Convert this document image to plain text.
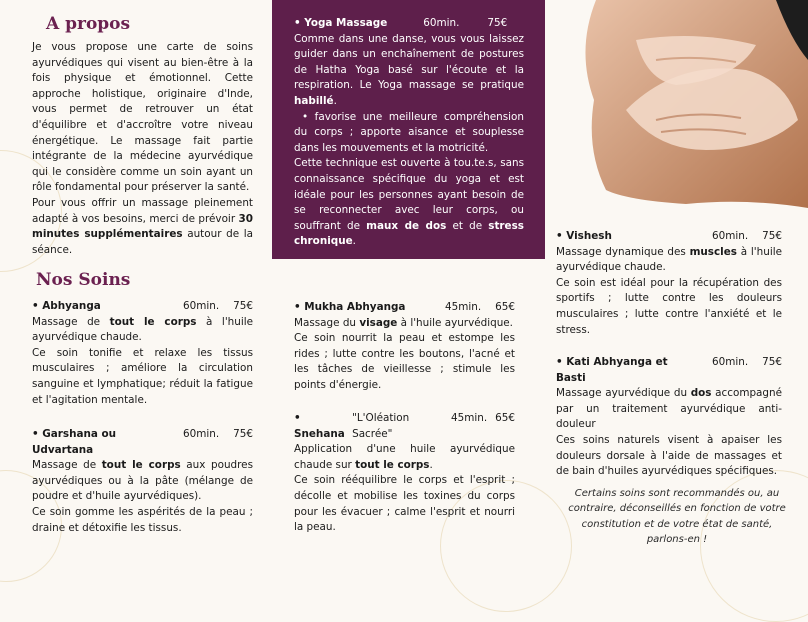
A propos

Je vous propose une carte de soins ayurvédiques qui visent au bien-être à la fois physique et émotionnel. Cette approche holistique, originaire d'Inde, vous permet de retrouver un état d'équilibre et d'accroître votre niveau énergétique. Le massage fait partie intégrante de la médecine ayurvédique qui le considère comme un soin ayant un rôle fondamental pour préserver la santé.

Pour vous offrir un massage pleinement adapté à vos besoins, merci de prévoir 30 minutes supplémentaires autour de la séance.

Nos Soins
• Abhyanga	60min. 75€

Massage de tout le corps à l'huile ayurvédique chaude.

Ce soin tonifie et relaxe les tissus musculaires ; améliore la circulation sanguine et lymphatique; réduit la fatigue et l'agitation mentale.

• Garshana ou Udvartana
60min. 75€

Massage de tout le corps aux poudres ayurvédiques ou à la pâte (mélange de poudre et d'huile ayurvédiques).

Ce soin gomme les aspérités de la peau ; draine et détoxifie les tissus.

• Yoga Massage	60min.	75€

Comme dans une danse, vous vous laissez guider dans un enchaînement de postures de Hatha Yoga basé sur l'écoute et la respiration. Le Yoga massage se pratique habillé.

• favorise une meilleure compréhension du corps ; apporte aisance et souplesse dans les mouvements et la motricité.

Cette technique est ouverte à tou.te.s, sans connaissance spécifique du yoga et est idéale pour les personnes ayant besoin de se reconnecter avec leur corps, ou souffrant de maux de dos et de stress chronique.

• Mukha Abhyanga	45min. 65€

Massage du visage à l'huile ayurvédique.

Ce soin nourrit la peau et estompe les rides ; lutte contre les boutons, l'acné et les tâches de vieillesse ; stimule les points d'énergie.

• Snehana
"L'Oléation Sacrée"
45min. 65€

Application d'une huile ayurvédique chaude sur tout le corps.

Ce soin rééquilibre le corps et l'esprit ; décolle et mobilise les toxines du corps pour les évacuer ; calme l'esprit et nourri la peau.

• Vishesh	60min. 75€

Massage dynamique des muscles à l'huile ayurvédique chaude.

Ce soin est idéal pour la récupération des sportifs ; lutte contre les douleurs musculaires ; lutte contre l'anxiété et le stress.

• Kati Abhyanga et Basti
60min. 75€

Massage ayurvédique du dos accompagné par un traitement ayurvédique anti-douleur

Ces soins naturels visent à apaiser les douleurs dorsale à l'aide de massages et de bain d'huiles ayurvédiques spécifiques.

Certains soins sont recommandés ou, au contraire, déconseillés en fonction de votre constitution et de votre état de santé, parlons-en !
